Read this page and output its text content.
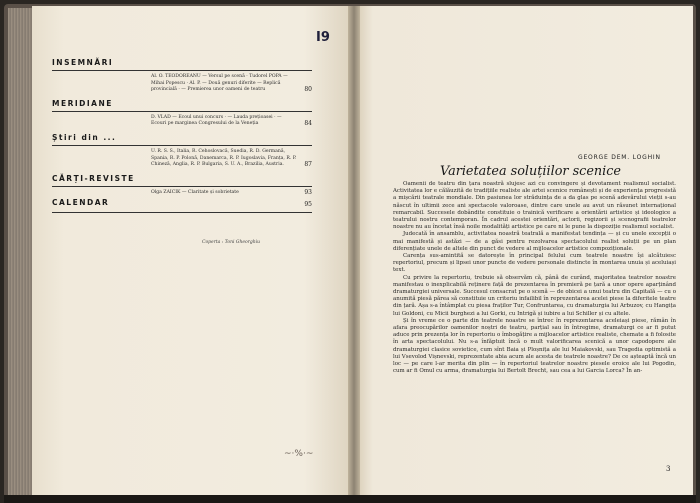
I9
~·%·~
INSEMNĂRI
Al. O. TEODOREANU — Versul pe scenă · Tudorel POPA — Mihai Popescu · Al. P. — Două genuri diferite — Replică provincială · — Premierea unor oameni de teatru	80
MERIDIANE
D. VLAD — Ecoul unui concurs · — Lauda prețioasei · — Ecouri pe marginea Congresului de la Veneția	84
Știri din ...
U. R. S. S., Italia, R. Cehoslovacă, Suedia, R. D. Germană, Spania, R. P. Polonă, Danemarca, R. P. Iugoslavia, Franța, R. P. Chineză, Anglia, R. P. Bulgaria, S. U. A., Brazilia, Austria.	87
CĂRȚI-REVISTE
Olga ZAICIK — Claritate și sobrietate	93
CALENDAR	95
Coperta : Toni Gheorghiu
GEORGE DEM. LOGHIN
Varietatea soluțiilor scenice

Oamenii de teatru din țara noastră slujesc azi cu convingere și devotament realismul socialist. Activitatea lor e călăuzită de tradițiile realiste ale artei scenice românești și de experiența progresistă a mișcării teatrale mondiale. Din pasiunea lor străduința de a da glas pe scenă adevărului vieții s-au născut în ultimii zece ani spectacole valoroase, dintre care unele au avut un răsunet internațional remarcabil. Succesele dobândite constituie o trainică verificare a orientării artistice și ideologice a teatrului nostru contemporan. În cadrul acestei orientări, actorii, regizorii și scenografii teatrelor noastre nu au încetat însă noile modalități artistice pe care ni le pune la dispoziție realismul socialist.

Judecată în ansamblu, activitatea noastră teatrală a manifestat tendința — și cu unele excepții o mai manifestă și astăzi — de a găsi pentru rezolvarea spectacolului realist soluții pe un plan diferențiate unele de altele din punct de vedere al mijloacelor artistice compoziționale.

Carența sus-amintită se datorește în principal felului cum teatrele noastre își alcătuiesc repertoriul, precum și lipsei unor puncte de vedere personale distincte în montarea unuia și aceluiași text.

Cu privire la repertoriu, trebuie să observăm că, până de curând, majoritatea teatrelor noastre manifestau o inexplicabilă reținere față de prezentarea în premieră pe țară a unor opere aparținând dramaturgiei universale. Succesul consacrat pe o scenă — de obicei a unui teatru din Capitală — cu o anumită piesă părea să constituie un criteriu infailibil în reprezentarea acelei piese la diferitele teatre din țară. Așa s-a întâmplat cu piesa fraților Tur, Confruntarea, cu dramaturgia lui Arbuzov, cu Hangița lui Goldoni, cu Micii burghezi a lui Gorki, cu Intrigă și iubire a lui Schiller și cu altele.

Și în vreme ce o parte din teatrele noastre se întrec în reprezentarea aceleiași piese, rămân în afara preocupărilor oamenilor noștri de teatru, parțial sau în întregime, dramaturgi ce ar fi putut aduce prin prezența lor în repertoriu o îmbogățire a mijloacelor artistice realiste, chemate a fi folosite în arta spectacolului. Nu s-a înfăptuit încă o mult valorificarea scenică a unor capodopere ale dramaturgiei clasice sovietice, cum sînt Baia și Ploșnița ale lui Maiakovski, sau Tragedia optimistă a lui Vsevolod Vișnevski, reprezentate abia acum ale acesta de teatrele noastre? De ce așteaptă încă un loc — pe care l-ar merita din plin — în repertoriul teatrelor noastre piesele eroice ale lui Pogodin, cum ar fi Omul cu arma, dramaturgia lui Bertolt Brecht, sau cea a lui Garcia Lorca? În an-

3
